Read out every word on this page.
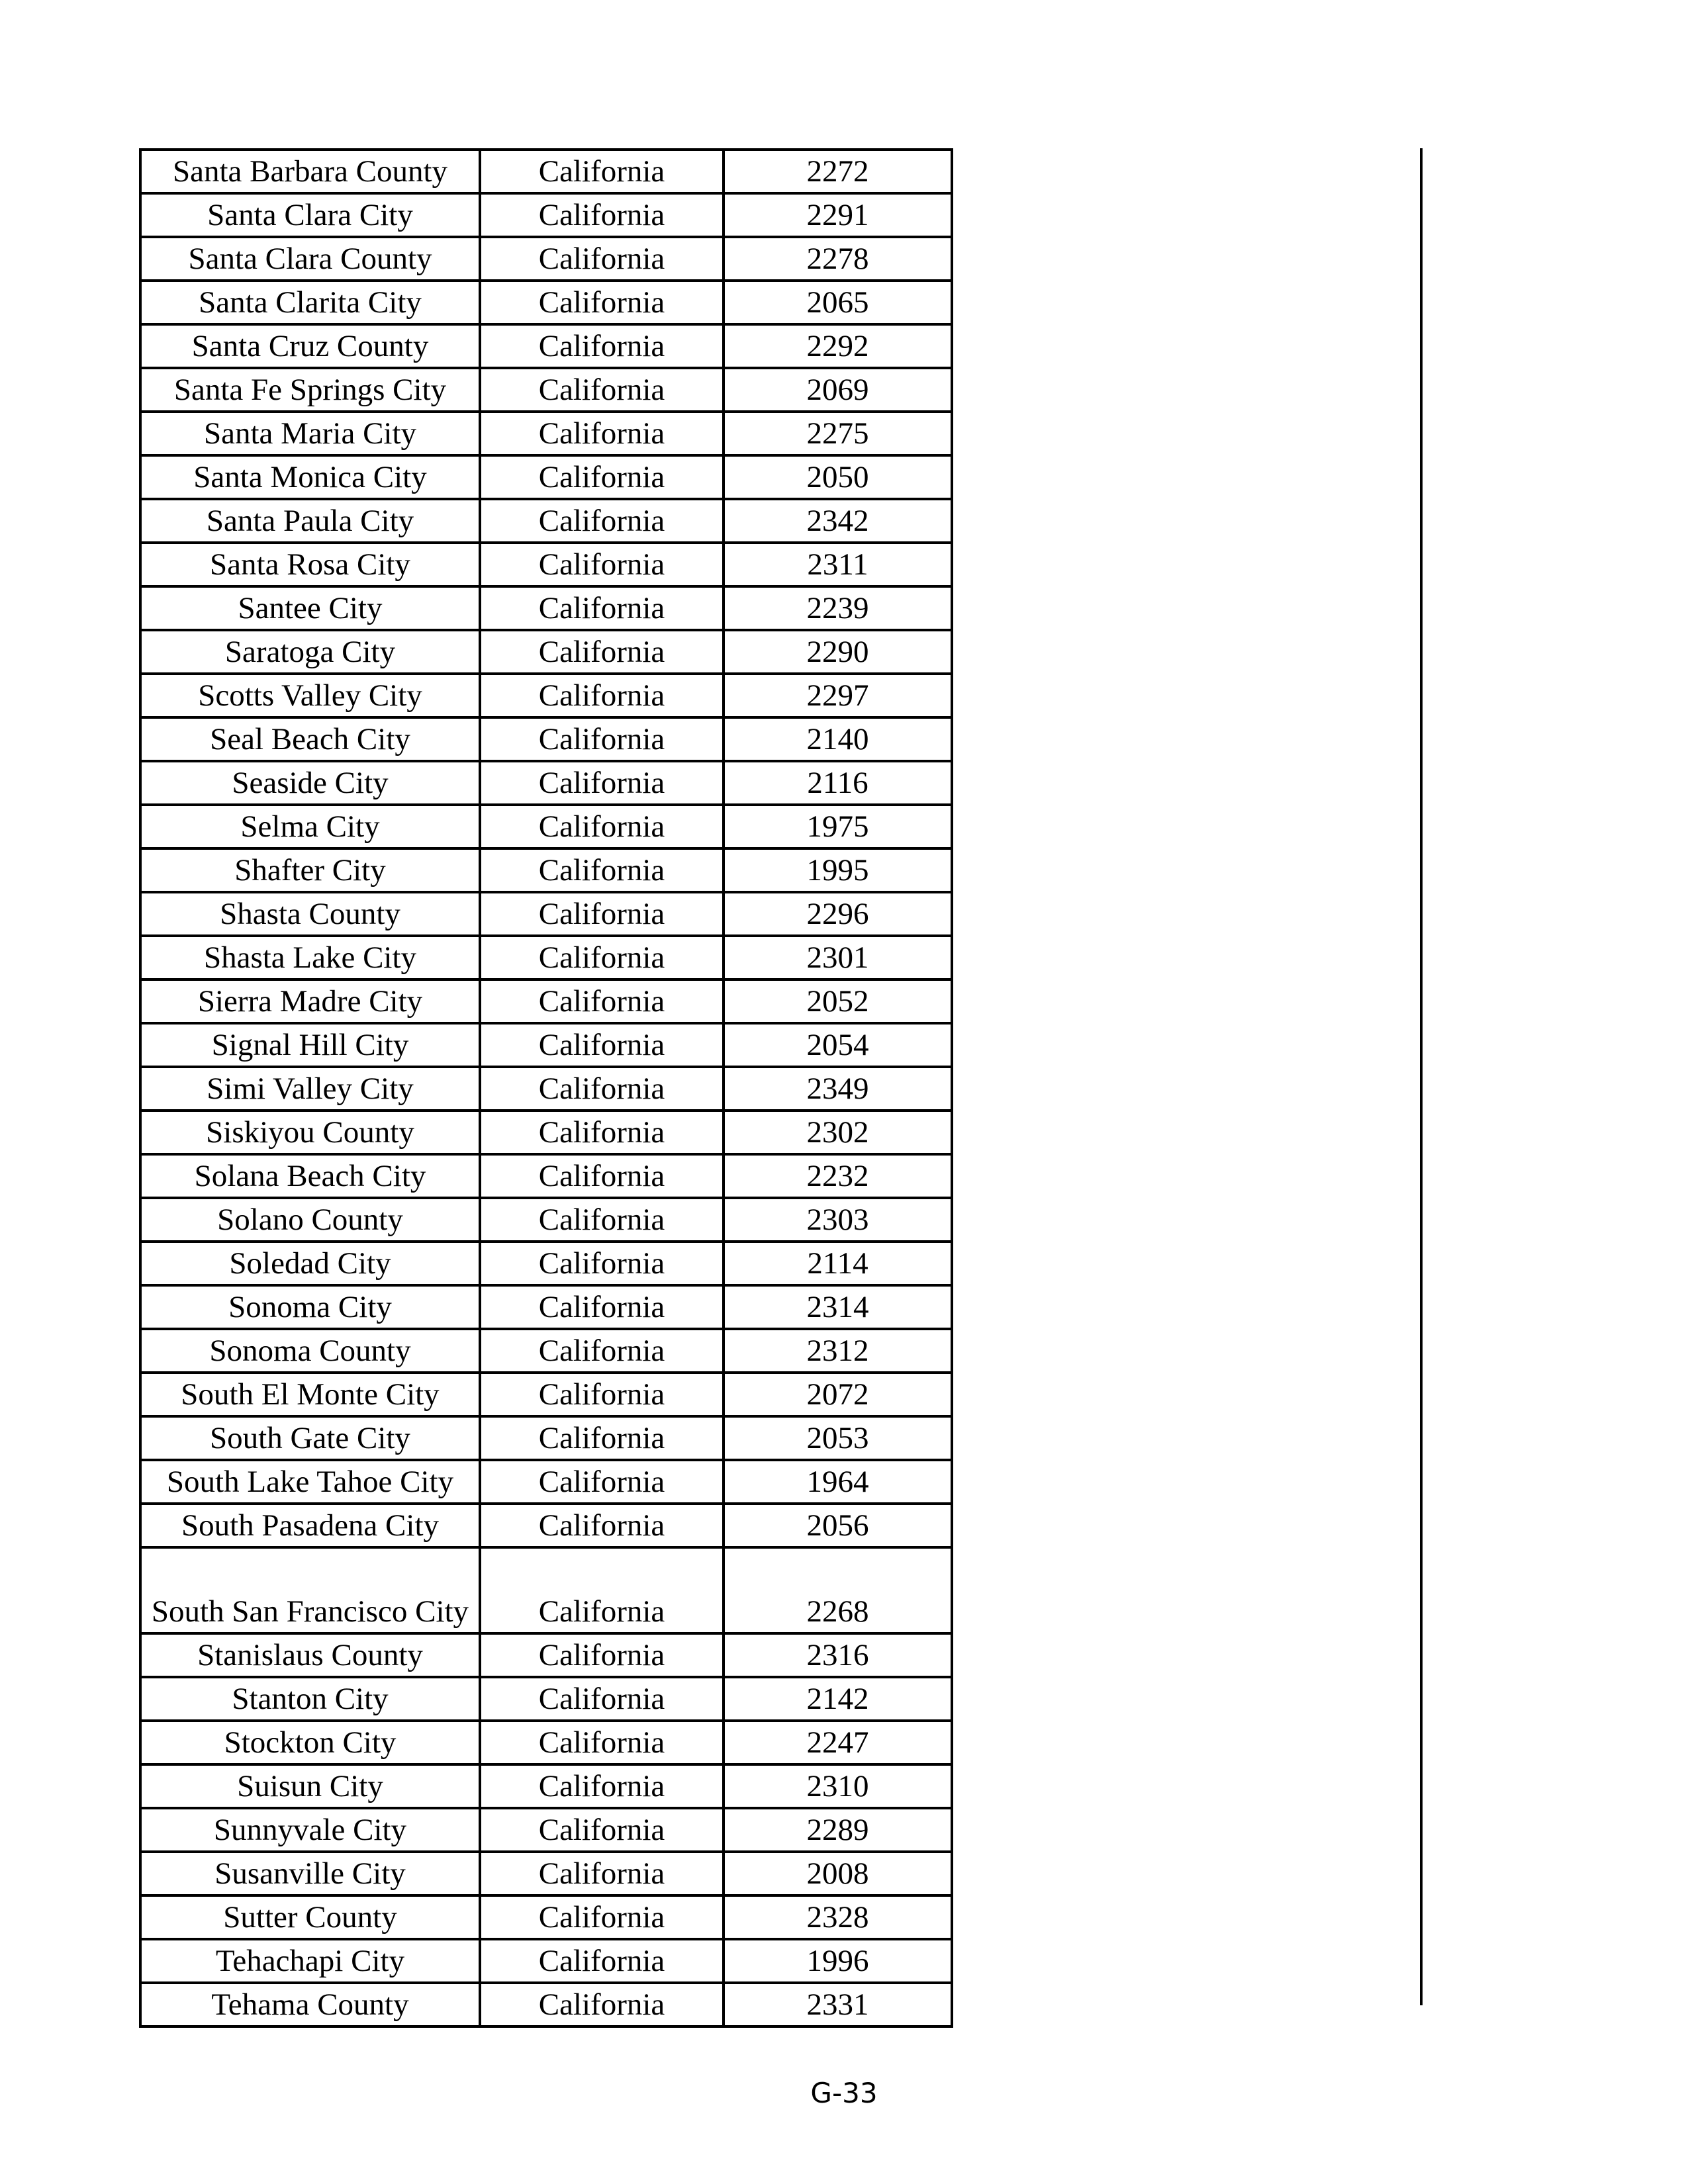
Santa Barbara County	California	2272
Santa Clara City	California	2291
Santa Clara County	California	2278
Santa Clarita City	California	2065
Santa Cruz County	California	2292
Santa Fe Springs City	California	2069
Santa Maria City	California	2275
Santa Monica City	California	2050
Santa Paula City	California	2342
Santa Rosa City	California	2311
Santee City	California	2239
Saratoga City	California	2290
Scotts Valley City	California	2297
Seal Beach City	California	2140
Seaside City	California	2116
Selma City	California	1975
Shafter City	California	1995
Shasta County	California	2296
Shasta Lake City	California	2301
Sierra Madre City	California	2052
Signal Hill City	California	2054
Simi Valley City	California	2349
Siskiyou County	California	2302
Solana Beach City	California	2232
Solano County	California	2303
Soledad City	California	2114
Sonoma City	California	2314
Sonoma County	California	2312
South El Monte City	California	2072
South Gate City	California	2053
South Lake Tahoe City	California	1964
South Pasadena City	California	2056
South San Francisco City	California	2268
Stanislaus County	California	2316
Stanton City	California	2142
Stockton City	California	2247
Suisun City	California	2310
Sunnyvale City	California	2289
Susanville City	California	2008
Sutter County	California	2328
Tehachapi City	California	1996
Tehama County	California	2331
G-33
